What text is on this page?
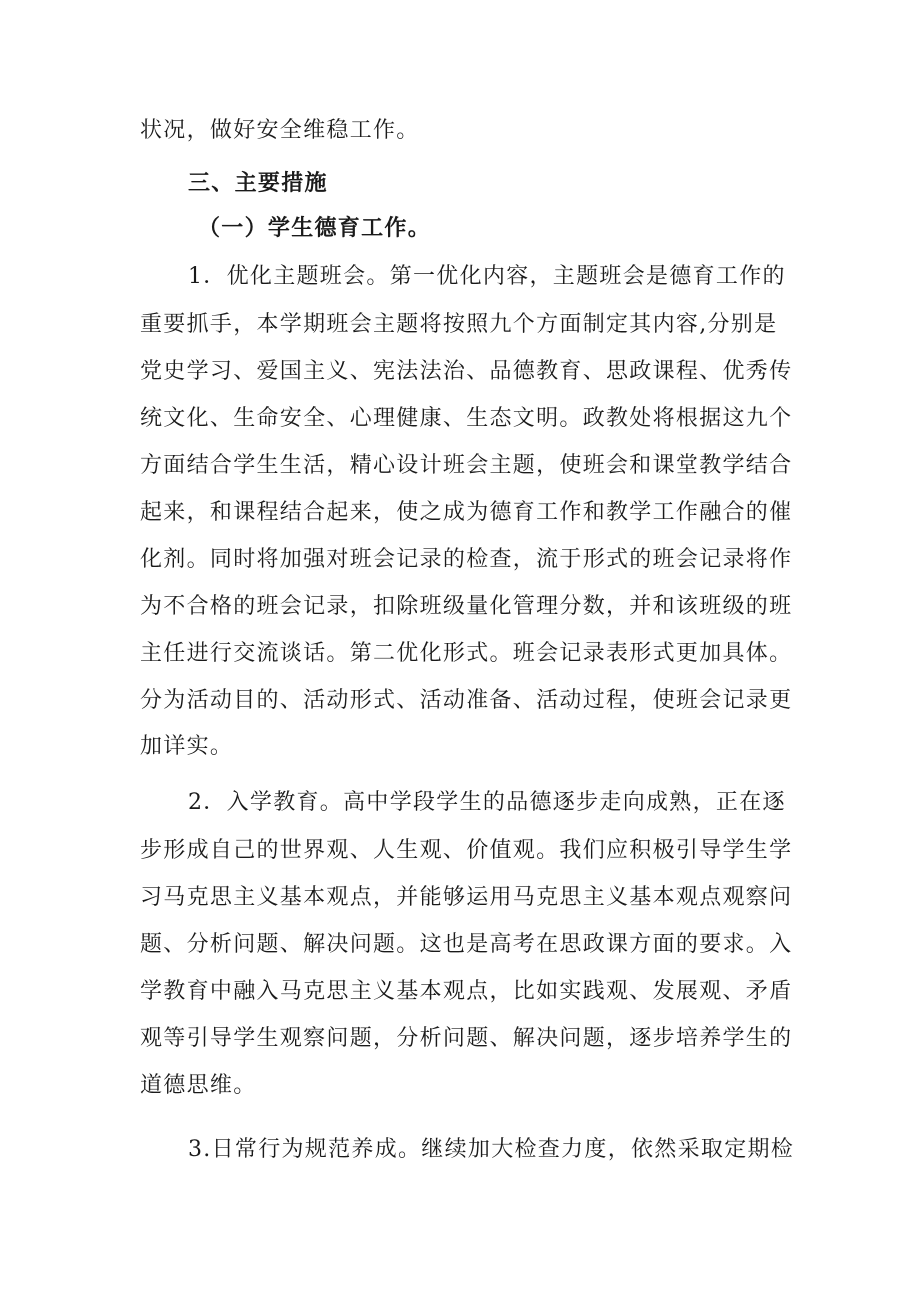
状况，做好安全维稳工作。
三、主要措施
（一）学生德育工作。
1．优化主题班会。第一优化内容，主题班会是德育工作的
重要抓手，本学期班会主题将按照九个方面制定其内容,分别是
党史学习、爱国主义、宪法法治、品德教育、思政课程、优秀传
统文化、生命安全、心理健康、生态文明。政教处将根据这九个
方面结合学生生活，精心设计班会主题，使班会和课堂教学结合
起来，和课程结合起来，使之成为德育工作和教学工作融合的催
化剂。同时将加强对班会记录的检查，流于形式的班会记录将作
为不合格的班会记录，扣除班级量化管理分数，并和该班级的班
主任进行交流谈话。第二优化形式。班会记录表形式更加具体。
分为活动目的、活动形式、活动准备、活动过程，使班会记录更
加详实。
2．入学教育。高中学段学生的品德逐步走向成熟，正在逐
步形成自己的世界观、人生观、价值观。我们应积极引导学生学
习马克思主义基本观点，并能够运用马克思主义基本观点观察问
题、分析问题、解决问题。这也是高考在思政课方面的要求。入
学教育中融入马克思主义基本观点，比如实践观、发展观、矛盾
观等引导学生观察问题，分析问题、解决问题，逐步培养学生的
道德思维。
3.日常行为规范养成。继续加大检查力度，依然采取定期检
